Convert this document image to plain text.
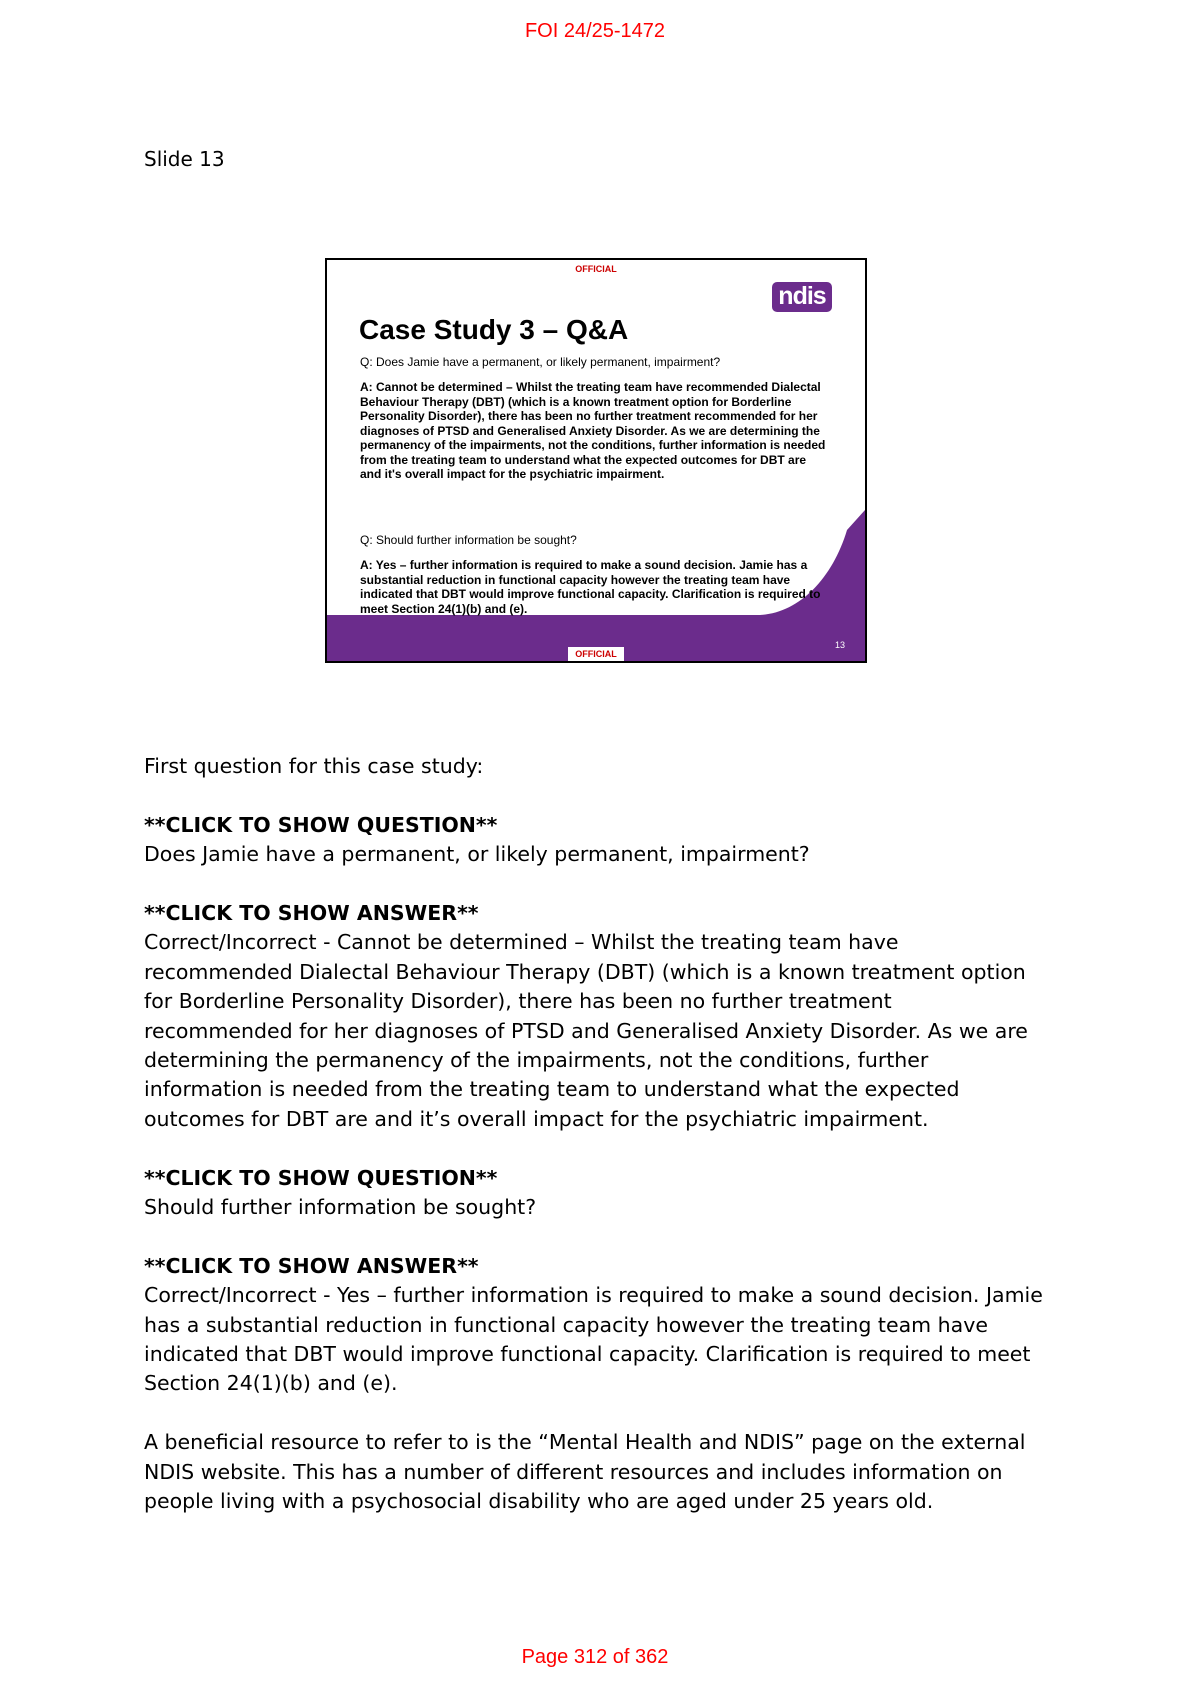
FOI 24/25-1472
Slide 13
OFFICIAL
ndis
Case Study 3 – Q&A
Q: Does Jamie have a permanent, or likely permanent, impairment?
A: Cannot be determined – Whilst the treating team have recommended Dialectal Behaviour Therapy (DBT) (which is a known treatment option for Borderline Personality Disorder), there has been no further treatment recommended for her diagnoses of PTSD and Generalised Anxiety Disorder. As we are determining the permanency of the impairments, not the conditions, further information is needed from the treating team to understand what the expected outcomes for DBT are and it's overall impact for the psychiatric impairment.
Q: Should further information be sought?
A: Yes – further information is required to make a sound decision. Jamie has a substantial reduction in functional capacity however the treating team have indicated that DBT would improve functional capacity. Clarification is required to meet Section 24(1)(b) and (e).
OFFICIAL
13

First question for this case study:

**CLICK TO SHOW QUESTION**
Does Jamie have a permanent, or likely permanent, impairment?

**CLICK TO SHOW ANSWER**
Correct/Incorrect - Cannot be determined – Whilst the treating team have recommended Dialectal Behaviour Therapy (DBT) (which is a known treatment option for Borderline Personality Disorder), there has been no further treatment recommended for her diagnoses of PTSD and Generalised Anxiety Disorder. As we are determining the permanency of the impairments, not the conditions, further information is needed from the treating team to understand what the expected outcomes for DBT are and it’s overall impact for the psychiatric impairment.

**CLICK TO SHOW QUESTION**
Should further information be sought?

**CLICK TO SHOW ANSWER**
Correct/Incorrect - Yes – further information is required to make a sound decision. Jamie has a substantial reduction in functional capacity however the treating team have indicated that DBT would improve functional capacity. Clarification is required to meet Section 24(1)(b) and (e).

A beneficial resource to refer to is the “Mental Health and NDIS” page on the external NDIS website. This has a number of different resources and includes information on people living with a psychosocial disability who are aged under 25 years old.

Page 312 of 362
